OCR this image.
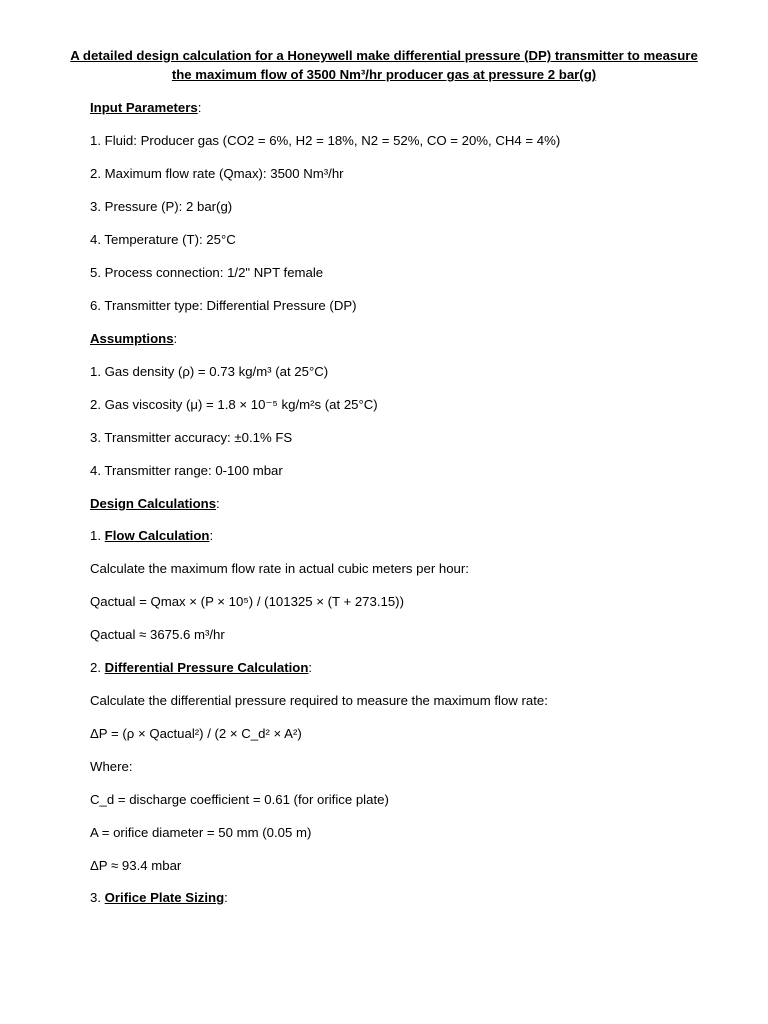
A detailed design calculation for a Honeywell make differential pressure (DP) transmitter to measure
the maximum flow of 3500 Nm³/hr producer gas at pressure 2 bar(g)
Input Parameters:
1. Fluid: Producer gas (CO2 = 6%, H2 = 18%, N2 = 52%, CO = 20%, CH4 = 4%)
2. Maximum flow rate (Qmax): 3500 Nm³/hr
3. Pressure (P): 2 bar(g)
4. Temperature (T): 25°C
5. Process connection: 1/2" NPT female
6. Transmitter type: Differential Pressure (DP)
Assumptions:
1. Gas density (ρ) = 0.73 kg/m³ (at 25°C)
2. Gas viscosity (μ) = 1.8 × 10⁻⁵ kg/m²s (at 25°C)
3. Transmitter accuracy: ±0.1% FS
4. Transmitter range: 0-100 mbar
Design Calculations:
1. Flow Calculation:
Calculate the maximum flow rate in actual cubic meters per hour:
Qactual = Qmax × (P × 10⁵) / (101325 × (T + 273.15))
Qactual ≈ 3675.6 m³/hr
2. Differential Pressure Calculation:
Calculate the differential pressure required to measure the maximum flow rate:
ΔP = (ρ × Qactual²) / (2 × C_d² × A²)
Where:
C_d = discharge coefficient = 0.61 (for orifice plate)
A = orifice diameter = 50 mm (0.05 m)
ΔP ≈ 93.4 mbar
3. Orifice Plate Sizing:
